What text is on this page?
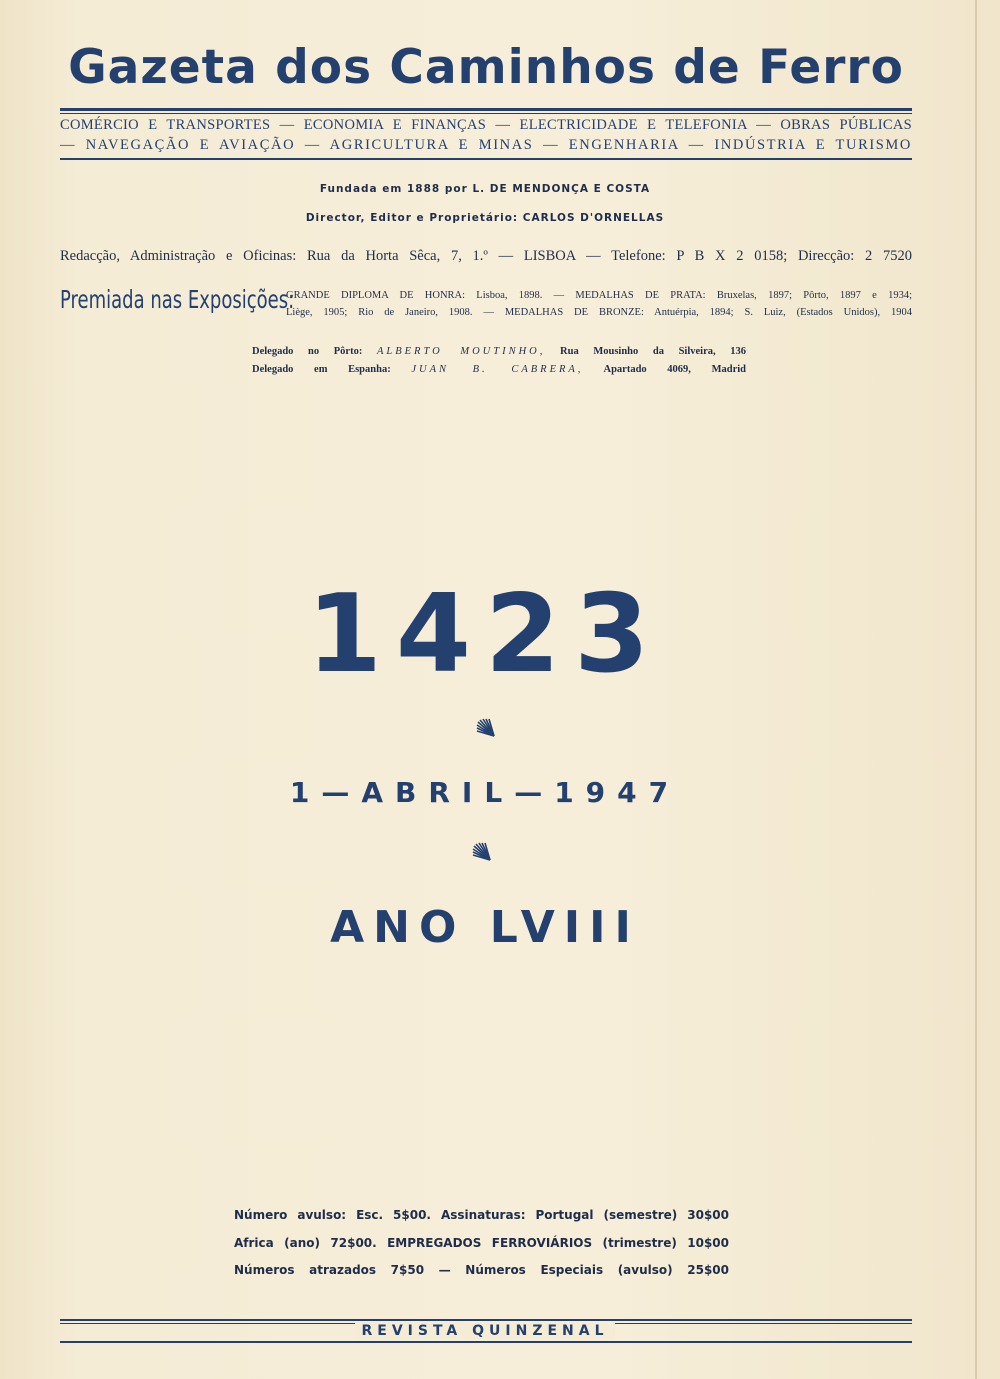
Gazeta dos Caminhos de Ferro
COMÉRCIO E TRANSPORTES — ECONOMIA E FINANÇAS — ELECTRICIDADE E TELEFONIA — OBRAS PÚBLICAS
— NAVEGAÇÃO E AVIAÇÃO — AGRICULTURA E MINAS — ENGENHARIA — INDÚSTRIA E TURISMO
Fundada em 1888 por L. DE MENDONÇA E COSTA
Director, Editor e Proprietário: CARLOS D'ORNELLAS
Redacção, Administração e Oficinas: Rua da Horta Sêca, 7, 1.º — LISBOA — Telefone: P B X 2 0158; Direcção: 2 7520
Premiada nas Exposições:
GRANDE DIPLOMA DE HONRA: Lisboa, 1898. — MEDALHAS DE PRATA: Bruxelas, 1897; Pôrto, 1897 e 1934;
Liège, 1905; Rio de Janeiro, 1908. — MEDALHAS DE BRONZE: Antuérpia, 1894; S. Luiz, (Estados Unidos), 1904
Delegado no Pôrto: ALBERTO MOUTINHO, Rua Mousinho da Silveira, 136
Delegado em Espanha: JUAN B. CABRERA, Apartado 4069, Madrid
1423
1—ABRIL—1947
ANO LVIII
Número avulso: Esc. 5$00. Assinaturas: Portugal (semestre) 30$00
Africa (ano) 72$00. EMPREGADOS FERROVIÁRIOS (trimestre) 10$00
Números atrazados 7$50 — Números Especiais (avulso) 25$00
REVISTA QUINZENAL
